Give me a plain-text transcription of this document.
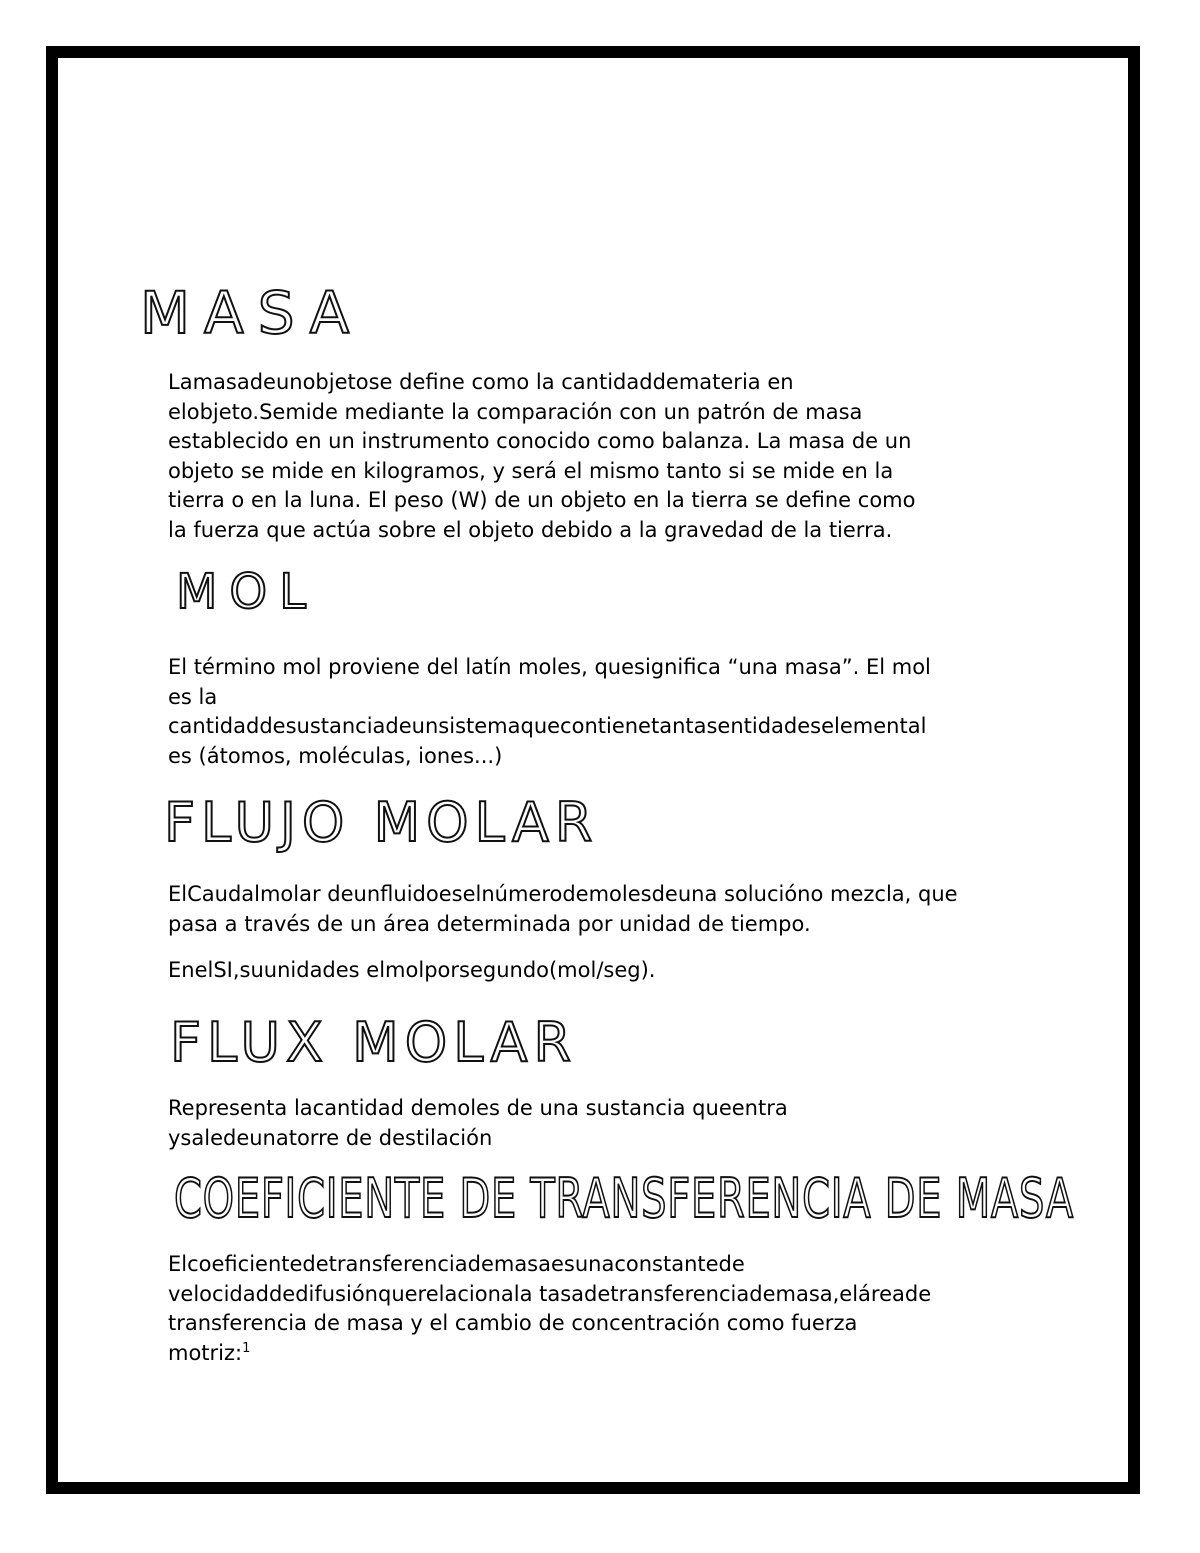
MASA

Lamasadeunobjetose define como la cantidaddemateria en
elobjeto.Semide mediante la comparación con un patrón de masa
establecido en un instrumento conocido como balanza. La masa de un
objeto se mide en kilogramos, y será el mismo tanto si se mide en la
tierra o en la luna. El peso (W) de un objeto en la tierra se define como
la fuerza que actúa sobre el objeto debido a la gravedad de la tierra.

MOL

El término mol proviene del latín moles, quesignifica “una masa”. El mol
es la
cantidaddesustanciadeunsistemaquecontienetantasentidadeselemental
es (átomos, moléculas, iones...)

FLUJO MOLAR

ElCaudalmolar deunfluidoeselnúmerodemolesdeuna solucióno mezcla, que
pasa a través de un área determinada por unidad de tiempo.

EnelSI,suunidades elmolporsegundo(mol/seg).

FLUX MOLAR

Representa lacantidad demoles de una sustancia queentra
ysaledeunatorre de destilación

COEFICIENTE DE TRANSFERENCIA DE MASA

Elcoeficientedetransferenciademasaesunaconstantede
velocidaddedifusiónquerelacionala tasadetransferenciademasa,eláreade
transferencia de masa y el cambio de concentración como fuerza
motriz:$^1$
